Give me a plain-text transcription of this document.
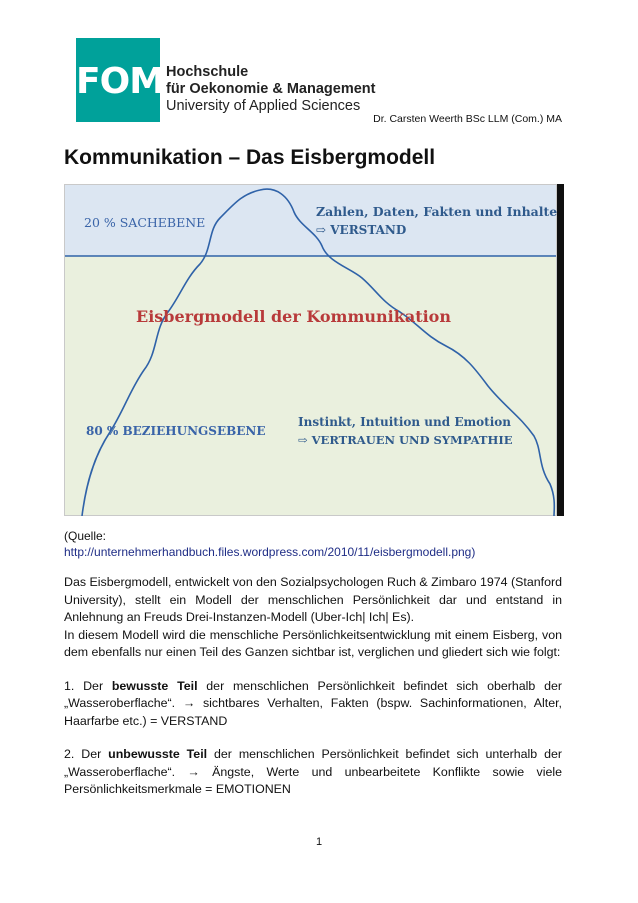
FOM Hochschule
für Oekonomie & Management
University of Applied Sciences
Dr. Carsten Weerth BSc LLM (Com.) MA
Kommunikation – Das Eisbergmodell
20 % SACHEBENE
Zahlen, Daten, Fakten und Inhalte
⇨ VERSTAND
Eisbergmodell der Kommunikation
80 % BEZIEHUNGSEBENE
Instinkt, Intuition und Emotion
⇨ VERTRAUEN UND SYMPATHIE
(Quelle:
http://unternehmerhandbuch.files.wordpress.com/2010/11/eisbergmodell.png)

Das Eisbergmodell, entwickelt von den Sozialpsychologen Ruch & Zimbaro 1974 (Stanford University), stellt ein Modell der menschlichen Persönlichkeit dar und entstand in Anlehnung an Freuds Drei-Instanzen-Modell (Uber-Ich| Ich| Es).

In diesem Modell wird die menschliche Persönlichkeitsentwicklung mit einem Eisberg, von dem ebenfalls nur einen Teil des Ganzen sichtbar ist, verglichen und gliedert sich wie folgt:

1. Der bewusste Teil der menschlichen Persönlichkeit befindet sich oberhalb der „Wasseroberflache“. → sichtbares Verhalten, Fakten (bspw. Sachinformationen, Alter, Haarfarbe etc.) = VERSTAND

2. Der unbewusste Teil der menschlichen Persönlichkeit befindet sich unterhalb der „Wasseroberflache“. → Ängste, Werte und unbearbeitete Konflikte sowie viele Persönlichkeitsmerkmale = EMOTIONEN

1
